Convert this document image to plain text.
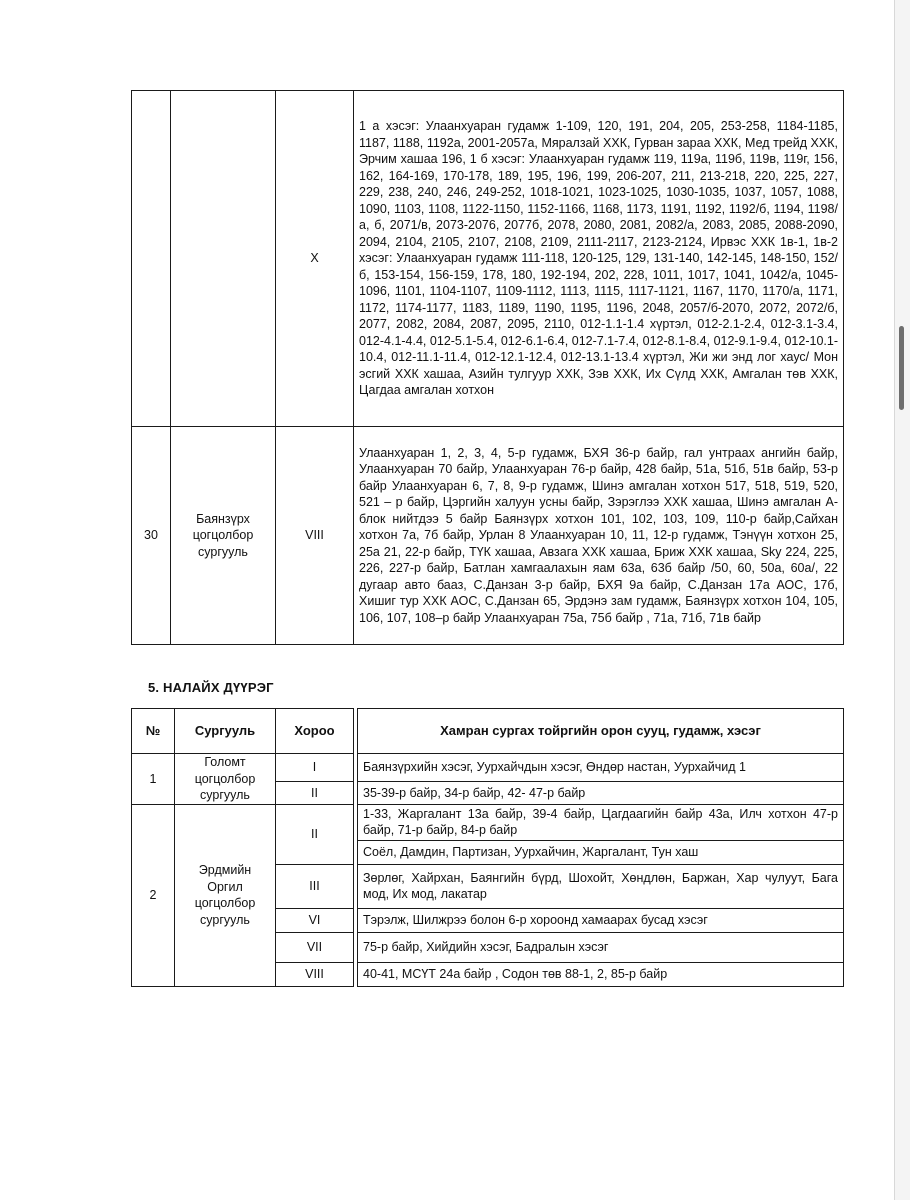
		X	1 а хэсэг: Улаанхуаран гудамж 1-109, 120, 191, 204, 205, 253-258, 1184-1185, 1187, 1188, 1192а, 2001-2057а, Мяралзай ХХК, Гурван зараа ХХК, Мед трейд ХХК, Эрчим хашаа 196, 1 б хэсэг: Улаанхуаран гудамж 119, 119а, 119б, 119в, 119г, 156, 162, 164-169, 170-178, 189, 195, 196, 199, 206-207, 211, 213-218, 220, 225, 227, 229, 238, 240, 246, 249-252, 1018-1021, 1023-1025, 1030-1035, 1037, 1057, 1088, 1090, 1103, 1108, 1122-1150, 1152-1166, 1168, 1173, 1191, 1192, 1192/б, 1194, 1198/а, б, 2071/в, 2073-2076, 2077б, 2078, 2080, 2081, 2082/а, 2083, 2085, 2088-2090, 2094, 2104, 2105, 2107, 2108, 2109, 2111-2117, 2123-2124, Ирвэс ХХК 1в-1, 1в-2 хэсэг: Улаанхуаран гудамж 111-118, 120-125, 129, 131-140, 142-145, 148-150, 152/б, 153-154, 156-159, 178, 180, 192-194, 202, 228, 1011, 1017, 1041, 1042/а, 1045-1096, 1101, 1104-1107, 1109-1112, 1113, 1115, 1117-1121, 1167, 1170, 1170/а, 1171, 1172, 1174-1177, 1183, 1189, 1190, 1195, 1196, 2048, 2057/б-2070, 2072, 2072/б, 2077, 2082, 2084, 2087, 2095, 2110, 012-1.1-1.4 хүртэл, 012-2.1-2.4, 012-3.1-3.4, 012-4.1-4.4, 012-5.1-5.4, 012-6.1-6.4, 012-7.1-7.4, 012-8.1-8.4, 012-9.1-9.4, 012-10.1-10.4, 012-11.1-11.4, 012-12.1-12.4, 012-13.1-13.4 хүртэл, Жи жи энд лог хаус/ Мон эсгий ХХК хашаа, Азийн тулгуур ХХК, Зэв ХХК, Их Сүлд ХХК, Амгалан төв ХХК, Цагдаа амгалан хотхон
30	Баянзүрх цогцолбор сургууль	VIII	Улаанхуаран 1, 2, 3, 4, 5-р гудамж, БХЯ 36-р байр, гал унтраах ангийн байр, Улаанхуаран 70 байр, Улаанхуаран 76-р байр, 428 байр, 51а, 51б, 51в байр, 53-р байр Улаанхуаран 6, 7, 8, 9-р гудамж, Шинэ амгалан хотхон 517, 518, 519, 520, 521 – р байр, Цэргийн халуун усны байр, Зэрэглээ ХХК хашаа, Шинэ амгалан А-блок нийтдээ 5 байр Баянзүрх хотхон 101, 102, 103, 109, 110-р байр,Сайхан хотхон 7а, 7б байр, Урлан 8 Улаанхуаран 10, 11, 12-р гудамж, Тэнүүн хотхон 25, 25а 21, 22-р байр, ТҮК хашаа, Авзага ХХК хашаа, Бриж ХХК хашаа, Sky 224, 225, 226, 227-р байр, Батлан хамгаалахын яам 63а, 63б байр /50, 60, 50а, 60а/, 22 дугаар авто бааз, С.Данзан 3-р байр, БХЯ 9а байр, С.Данзан 17а АОС, 17б, Хишиг тур ХХК АОС, С.Данзан 65, Эрдэнэ зам гудамж, Баянзүрх хотхон 104, 105, 106, 107, 108–р байр Улаанхуаран 75а, 75б байр , 71а, 71б, 71в байр
5. НАЛАЙХ ДҮҮРЭГ
№	Сургууль	Хороо		Хамран сургах тойргийн орон сууц, гудамж, хэсэг
1	Голомт цогцолбор сургууль	I		Баянзүрхийн хэсэг, Уурхайчдын хэсэг, Өндөр настан, Уурхайчид 1
		II		35-39-р байр, 34-р байр, 42- 47-р байр
2	Эрдмийн Оргил цогцолбор сургууль	II		1-33, Жаргалант 13а байр, 39-4 байр, Цагдаагийн байр 43а, Илч хотхон 47-р байр, 71-р байр, 84-р байр
				Соёл, Дамдин, Партизан, Уурхайчин, Жаргалант, Тун хаш
		III		Зөрлөг, Хайрхан, Баянгийн бүрд, Шохойт, Хөндлөн, Баржан, Хар чулуут, Бага мод, Их мод, лакатар
		VI		Тэрэлж, Шилжрээ болон 6-р хороонд хамаарах бусад хэсэг
		VII		75-р байр, Хийдийн хэсэг, Бадралын хэсэг
		VIII		40-41, МСҮТ 24а байр , Содон төв 88-1, 2, 85-р байр
